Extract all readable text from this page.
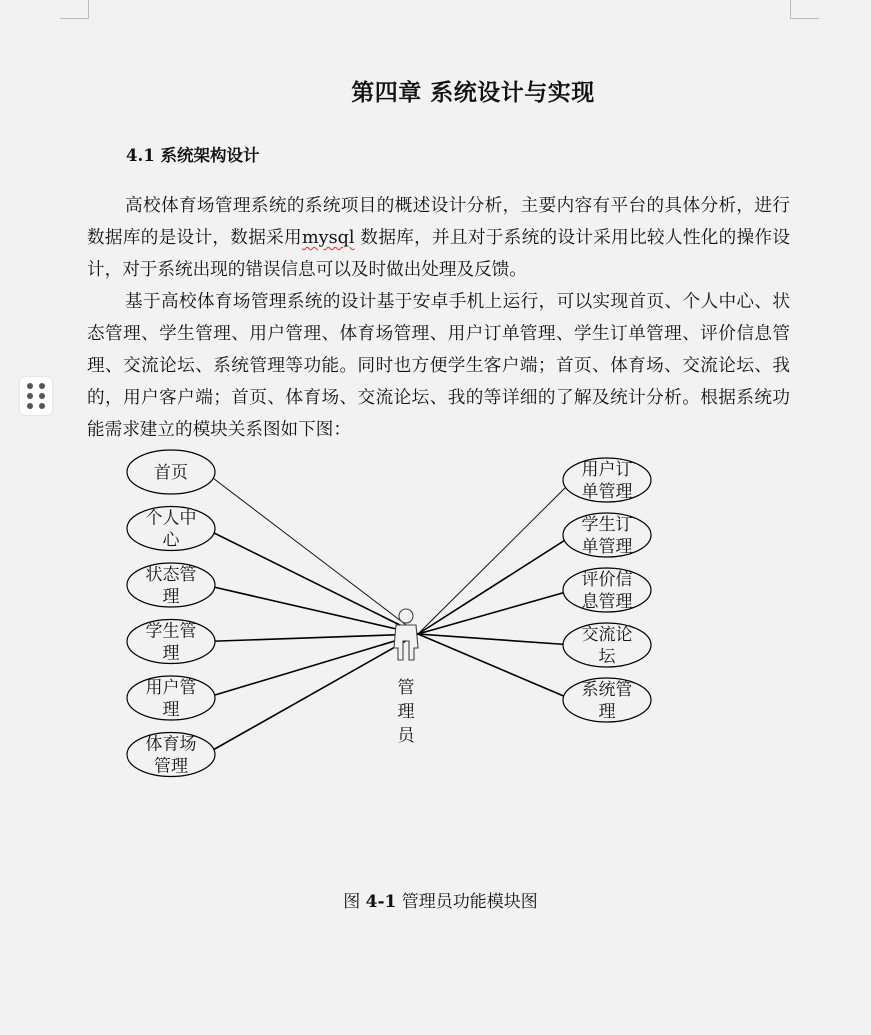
第四章 系统设计与实现
4.1 系统架构设计

高校体育场管理系统的系统项目的概述设计分析，主要内容有平台的具体分析，进行数据库的是设计，数据采用mysql 数据库，并且对于系统的设计采用比较人性化的操作设计，对于系统出现的错误信息可以及时做出处理及反馈。

基于高校体育场管理系统的设计基于安卓手机上运行，可以实现首页、个人中心、状态管理、学生管理、用户管理、体育场管理、用户订单管理、学生订单管理、评价信息管理、交流论坛、系统管理等功能。同时也方便学生客户端；首页、体育场、交流论坛、我的，用户客户端；首页、体育场、交流论坛、我的等详细的了解及统计分析。根据系统功能需求建立的模块关系图如下图：

首页
个人中
心
状态管
理
学生管
理
用户管
理
体育场
管理
用户订
单管理
学生订
单管理
评价信
息管理
交流论
坛
系统管
理
管
理
员
图 4-1 管理员功能模块图
